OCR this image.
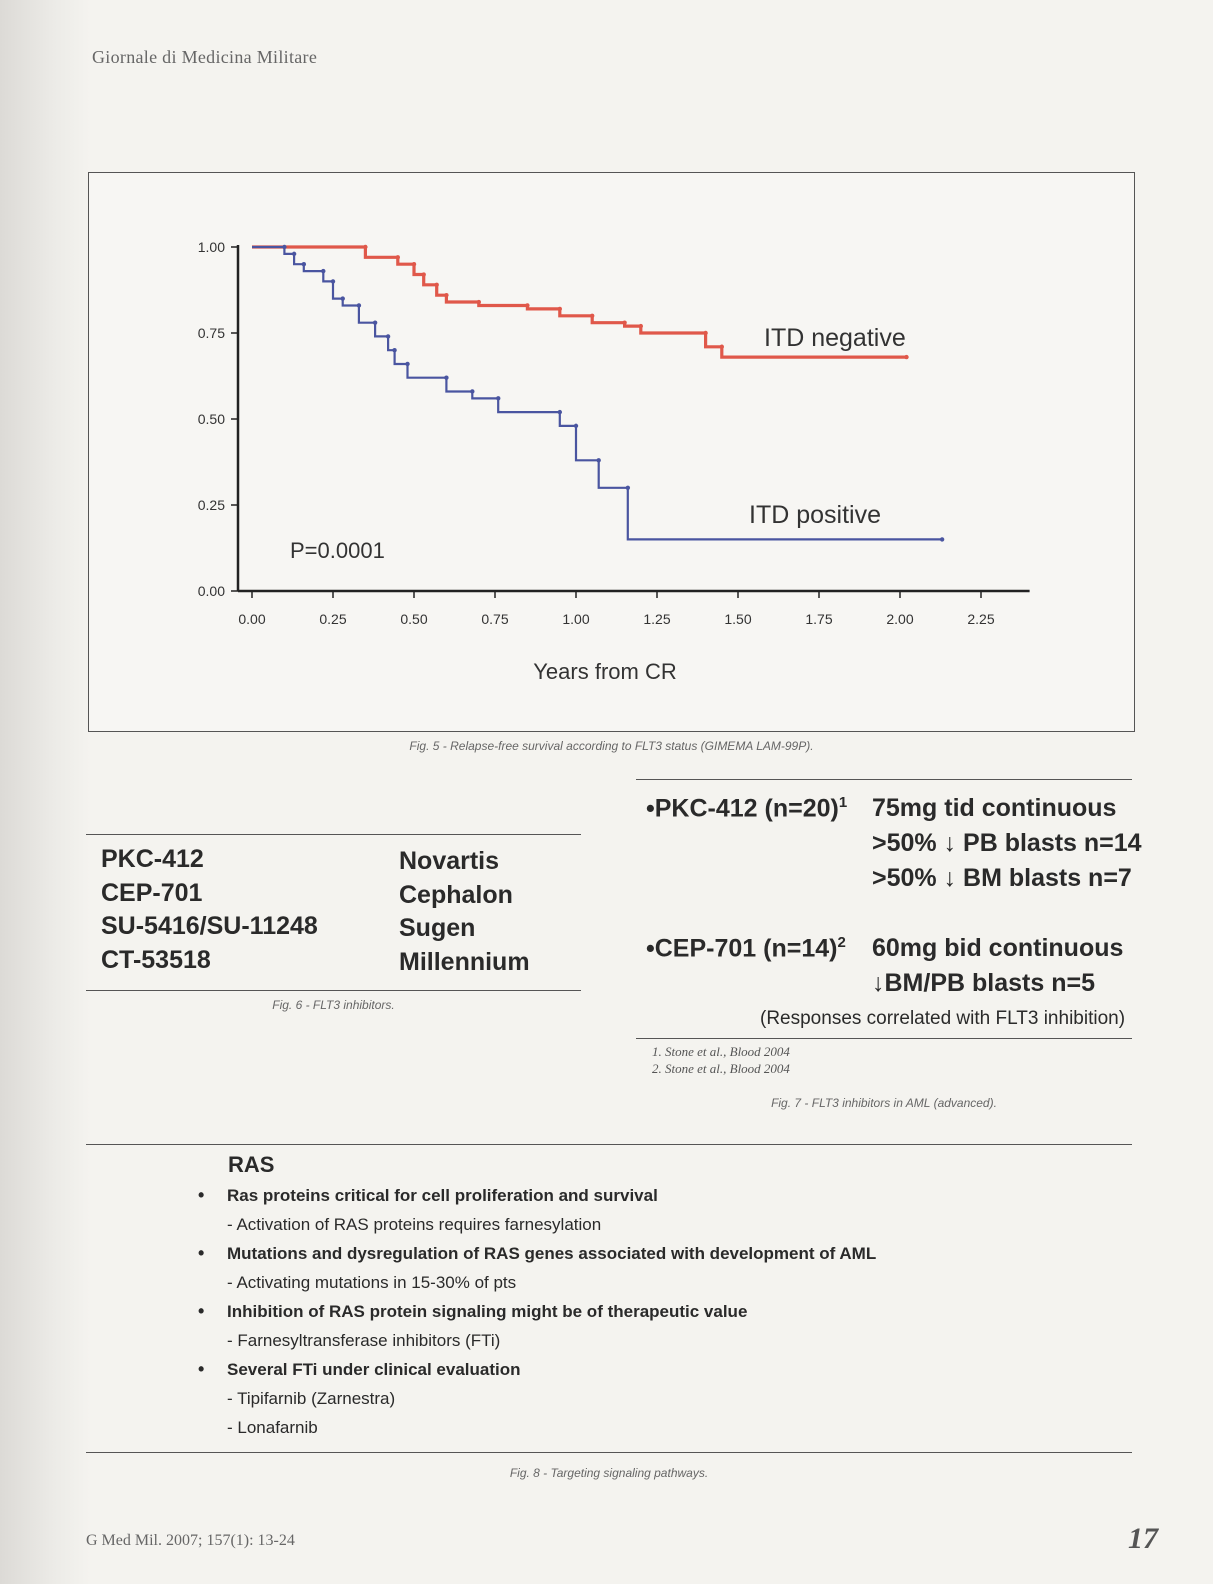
Giornale di Medicina Militare
0.00	0.25	0.50	0.75	1.00	1.25	1.50	1.75	2.00	2.25
0.00
0.25
0.50
0.75
1.00
Years from CR
P=0.0001
ITD negative
ITD positive
Fig. 5 - Relapse-free survival according to FLT3 status (GIMEMA LAM-99P).
PKC-412	Novartis
CEP-701	Cephalon
SU-5416/SU-11248	Sugen
CT-53518	Millennium
Fig. 6 - FLT3 inhibitors.
•PKC-412 (n=20)$^1$ 75mg tid continuous
>50% ↓ PB blasts n=14
>50% ↓ BM blasts n=7
•CEP-701 (n=14)$^2$ 60mg bid continuous
↓BM/PB blasts n=5
(Responses correlated with FLT3 inhibition)
1. Stone et al., Blood 2004
2. Stone et al., Blood 2004
Fig. 7 - FLT3 inhibitors in AML (advanced).
RAS
• Ras proteins critical for cell proliferation and survival
- Activation of RAS proteins requires farnesylation
• Mutations and dysregulation of RAS genes associated with development of AML
- Activating mutations in 15-30% of pts
• Inhibition of RAS protein signaling might be of therapeutic value
- Farnesyltransferase inhibitors (FTi)
• Several FTi under clinical evaluation
- Tipifarnib (Zarnestra)
- Lonafarnib
Fig. 8 - Targeting signaling pathways.
G Med Mil. 2007; 157(1): 13-24	17
